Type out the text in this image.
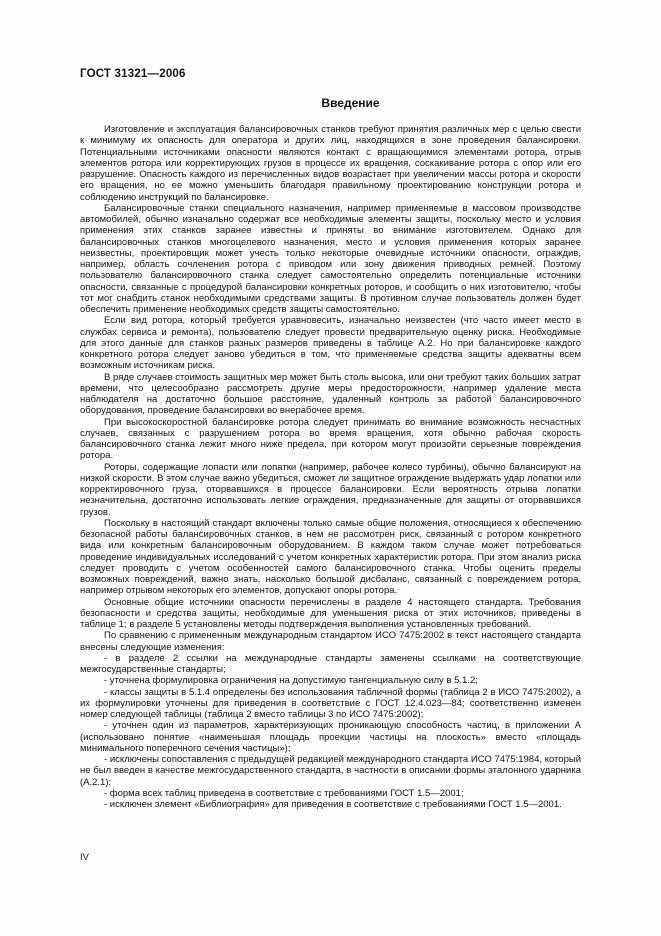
ГОСТ 31321—2006
Введение

Изготовление и эксплуатация балансировочных станков требуют принятия различных мер с целью свести к минимуму их опасность для оператора и других лиц, находящихся в зоне проведения балансировки. Потенциальными источниками опасности являются контакт с вращающимися элементами ротора, отрыв элементов ротора или корректирующих грузов в процессе их вращения, соскакивание ротора с опор или его разрушение. Опасность каждого из перечисленных видов возрастает при увеличении массы ротора и скорости его вращения, но ее можно уменьшить благодаря правильному проектированию конструкции ротора и соблюдению инструкций по балансировке.

Балансировочные станки специального назначения, например применяемые в массовом производстве автомобилей, обычно изначально содержат все необходимые элементы защиты, поскольку место и условия применения этих станков заранее известны и приняты во внимание изготовителем. Однако для балансировочных станков многоцелевого назначения, место и условия применения которых заранее неизвестны, проектировщик может учесть только некоторые очевидные источники опасности, ограждив, например, область сочленения ротора с приводом или зону движения приводных ремней. Поэтому пользователю балансировочного станка следует самостоятельно определить потенциальные источники опасности, связанные с процедурой балансировки конкретных роторов, и сообщить о них изготовителю, чтобы тот мог снабдить станок необходимыми средствами защиты. В противном случае пользователь должен будет обеспечить применение необходимых средств защиты самостоятельно.

Если вид ротора, который требуется уравновесить, изначально неизвестен (что часто имеет место в службах сервиса и ремонта), пользователю следует провести предварительную оценку риска. Необходимые для этого данные для станков разных размеров приведены в таблице А.2. Но при балансировке каждого конкретного ротора следует заново убедиться в том, что применяемые средства защиты адекватны всем возможным источникам риска.

В ряде случаев стоимость защитных мер может быть столь высока, или они требуют таких больших затрат времени, что целесообразно рассмотреть другие меры предосторожности, например удаление места наблюдателя на достаточно большое расстояние, удаленный контроль за работой балансировочного оборудования, проведение балансировки во внерабочее время.

При высокоскоростной балансировке ротора следует принимать во внимание возможность несчастных случаев, связанных с разрушением ротора во время вращения, хотя обычно рабочая скорость балансировочного станка лежит много ниже предела, при котором могут произойти серьезные повреждения ротора.

Роторы, содержащие лопасти или лопатки (например, рабочее колесо турбины), обычно балансируют на низкой скорости. В этом случае важно убедиться, сможет ли защитное ограждение выдержать удар лопатки или корректировочного груза, оторвавшихся в процессе балансировки. Если вероятность отрыва лопатки незначительна, достаточно использовать легкие ограждения, предназначенные для защиты от оторвавшихся грузов.

Поскольку в настоящий стандарт включены только самые общие положения, относящиеся к обеспечению безопасной работы балансировочных станков, в нем не рассмотрен риск, связанный с ротором конкретного вида или конкретным балансировочным оборудованием. В каждом таком случае может потребоваться проведение индивидуальных исследований с учетом конкретных характеристик ротора. При этом анализ риска следует проводить с учетом особенностей самого балансировочного станка. Чтобы оценить пределы возможных повреждений, важно знать, насколько большой дисбаланс, связанный с повреждением ротора, например отрывом некоторых его элементов, допускают опоры ротора.

Основные общие источники опасности перечислены в разделе 4 настоящего стандарта. Требования безопасности и средства защиты, необходимые для уменьшения риска от этих источников, приведены в таблице 1; в разделе 5 установлены методы подтверждения выполнения установленных требований.

По сравнению с примененным международным стандартом ИСО 7475:2002 в текст настоящего стандарта внесены следующие изменения:

- в разделе 2 ссылки на международные стандарты заменены ссылками на соответствующие межгосударственные стандарты;

- уточнена формулировка ограничения на допустимую тангенциальную силу в 5.1.2;

- классы защиты в 5.1.4 определены без использования табличной формы (таблица 2 в ИСО 7475:2002), а их формулировки уточнены для приведения в соответствие с ГОСТ 12.4.023—84; соответственно изменен номер следующей таблицы (таблица 2 вместо таблицы 3 по ИСО 7475:2002);

- уточнен один из параметров, характеризующих проникающую способность частиц, в приложении А (использовано понятие «наименьшая площадь проекции частицы на плоскость» вместо «площадь минимального поперечного сечения частицы»);

- исключены сопоставления с предыдущей редакцией международного стандарта ИСО 7475:1984, который не был введен в качестве межгосударственного стандарта, в частности в описании формы эталонного ударника (А.2.1);

- форма всех таблиц приведена в соответствие с требованиями ГОСТ 1.5—2001;

- исключен элемент «Библиография» для приведения в соответствие с требованиями ГОСТ 1.5—2001.

IV
